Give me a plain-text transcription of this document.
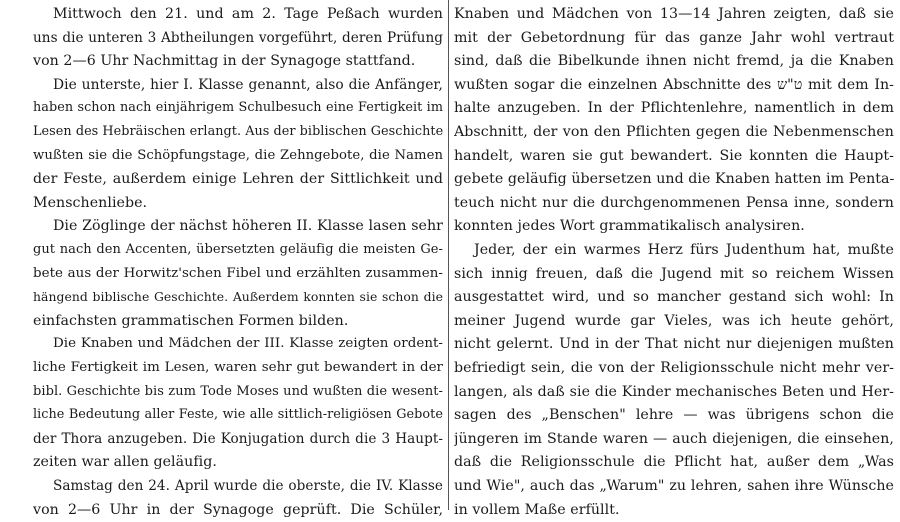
Mittwoch den 21. und am 2. Tage Peßach wurden
uns die unteren 3 Abtheilungen vorgeführt, deren Prüfung
von 2—6 Uhr Nachmittag in der Synagoge stattfand.
Die unterste, hier I. Klasse genannt, also die Anfänger,
haben schon nach einjährigem Schulbesuch eine Fertigkeit im
Lesen des Hebräischen erlangt. Aus der biblischen Geschichte
wußten sie die Schöpfungstage, die Zehngebote, die Namen
der Feste, außerdem einige Lehren der Sittlichkeit und
Menschenliebe.
Die Zöglinge der nächst höheren II. Klasse lasen sehr
gut nach den Accenten, übersetzten geläufig die meisten Ge-
bete aus der Horwitz'schen Fibel und erzählten zusammen-
hängend biblische Geschichte. Außerdem konnten sie schon die
einfachsten grammatischen Formen bilden.
Die Knaben und Mädchen der III. Klasse zeigten ordent-
liche Fertigkeit im Lesen, waren sehr gut bewandert in der
bibl. Geschichte bis zum Tode Moses und wußten die wesent-
liche Bedeutung aller Feste, wie alle sittlich-religiösen Gebote
der Thora anzugeben. Die Konjugation durch die 3 Haupt-
zeiten war allen geläufig.
Samstag den 24. April wurde die oberste, die IV. Klasse
von 2—6 Uhr in der Synagoge geprüft. Die Schüler,
Knaben und Mädchen von 13—14 Jahren zeigten, daß sie
mit der Gebetordnung für das ganze Jahr wohl vertraut
sind, daß die Bibelkunde ihnen nicht fremd, ja die Knaben
wußten sogar die einzelnen Abschnitte des ט"ש mit dem In-
halte anzugeben. In der Pflichtenlehre, namentlich in dem
Abschnitt, der von den Pflichten gegen die Nebenmenschen
handelt, waren sie gut bewandert. Sie konnten die Haupt-
gebete geläufig übersetzen und die Knaben hatten im Penta-
teuch nicht nur die durchgenommenen Pensa inne, sondern
konnten jedes Wort grammatikalisch analysiren.
Jeder, der ein warmes Herz fürs Judenthum hat, mußte
sich innig freuen, daß die Jugend mit so reichem Wissen
ausgestattet wird, und so mancher gestand sich wohl: In
meiner Jugend wurde gar Vieles, was ich heute gehört,
nicht gelernt. Und in der That nicht nur diejenigen mußten
befriedigt sein, die von der Religionsschule nicht mehr ver-
langen, als daß sie die Kinder mechanisches Beten und Her-
sagen des „Benschen" lehre — was übrigens schon die
jüngeren im Stande waren — auch diejenigen, die einsehen,
daß die Religionsschule die Pflicht hat, außer dem „Was
und Wie", auch das „Warum" zu lehren, sahen ihre Wünsche
in vollem Maße erfüllt.
